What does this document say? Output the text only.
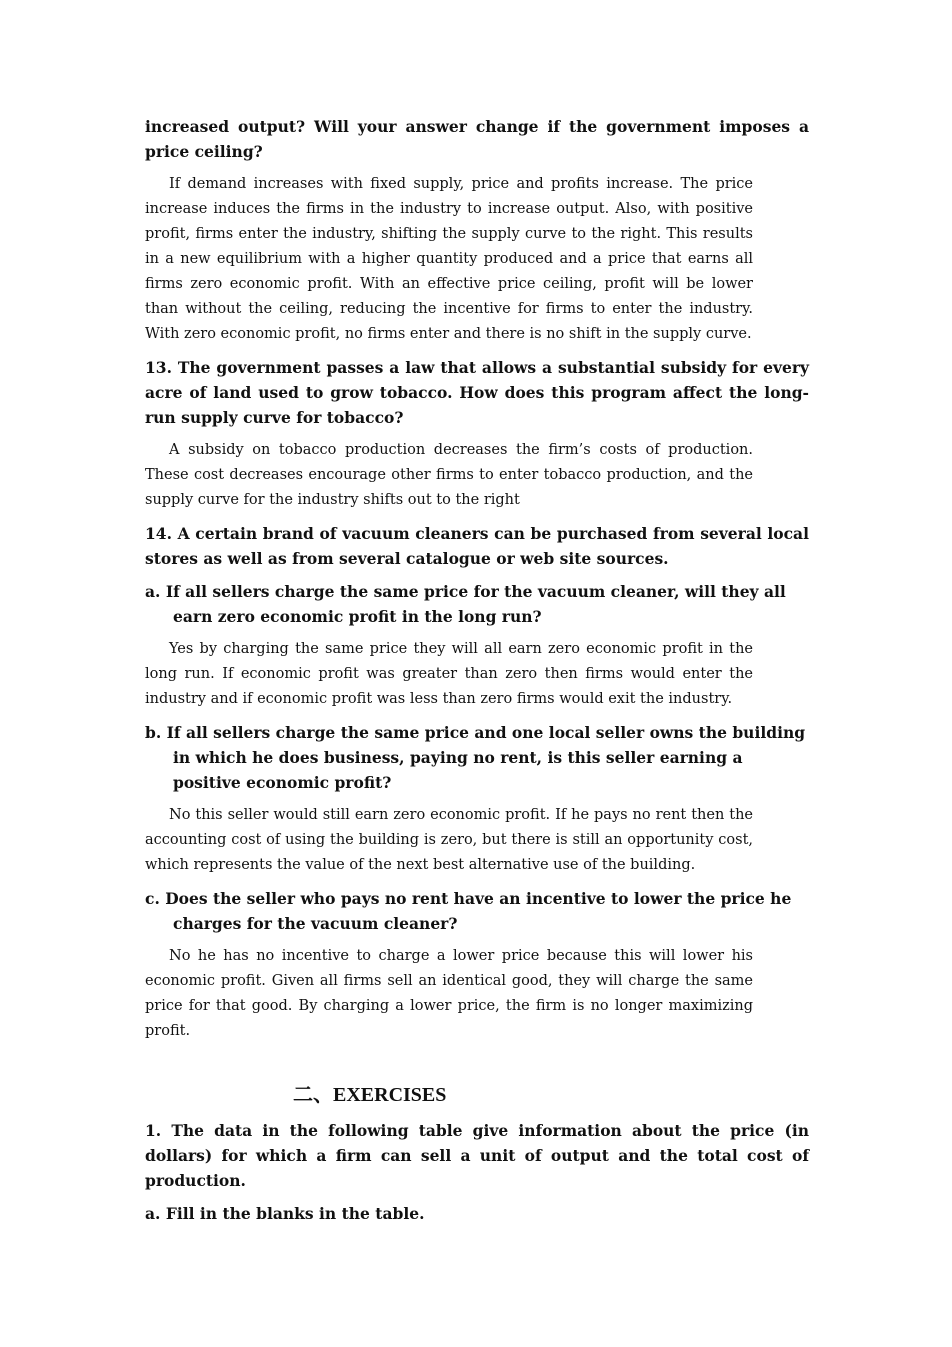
increased output? Will your answer change if the government imposes a price ceiling?

If demand increases with fixed supply, price and profits increase. The price increase induces the firms in the industry to increase output. Also, with positive profit, firms enter the industry, shifting the supply curve to the right. This results in a new equilibrium with a higher quantity produced and a price that earns all firms zero economic profit. With an effective price ceiling, profit will be lower than without the ceiling, reducing the incentive for firms to enter the industry. With zero economic profit, no firms enter and there is no shift in the supply curve.

13. The government passes a law that allows a substantial subsidy for every acre of land used to grow tobacco. How does this program affect the long-run supply curve for tobacco?

A subsidy on tobacco production decreases the firm’s costs of production. These cost decreases encourage other firms to enter tobacco production, and the supply curve for the industry shifts out to the right

14. A certain brand of vacuum cleaners can be purchased from several local stores as well as from several catalogue or web site sources.

a. If all sellers charge the same price for the vacuum cleaner, will they all earn zero economic profit in the long run?

Yes by charging the same price they will all earn zero economic profit in the long run. If economic profit was greater than zero then firms would enter the industry and if economic profit was less than zero firms would exit the industry.

b. If all sellers charge the same price and one local seller owns the building in which he does business, paying no rent, is this seller earning a positive economic profit?

No this seller would still earn zero economic profit. If he pays no rent then the accounting cost of using the building is zero, but there is still an opportunity cost, which represents the value of the next best alternative use of the building.

c. Does the seller who pays no rent have an incentive to lower the price he charges for the vacuum cleaner?

No he has no incentive to charge a lower price because this will lower his economic profit. Given all firms sell an identical good, they will charge the same price for that good. By charging a lower price, the firm is no longer maximizing profit.

二、EXERCISES

1. The data in the following table give information about the price (in dollars) for which a firm can sell a unit of output and the total cost of production.

a. Fill in the blanks in the table.
